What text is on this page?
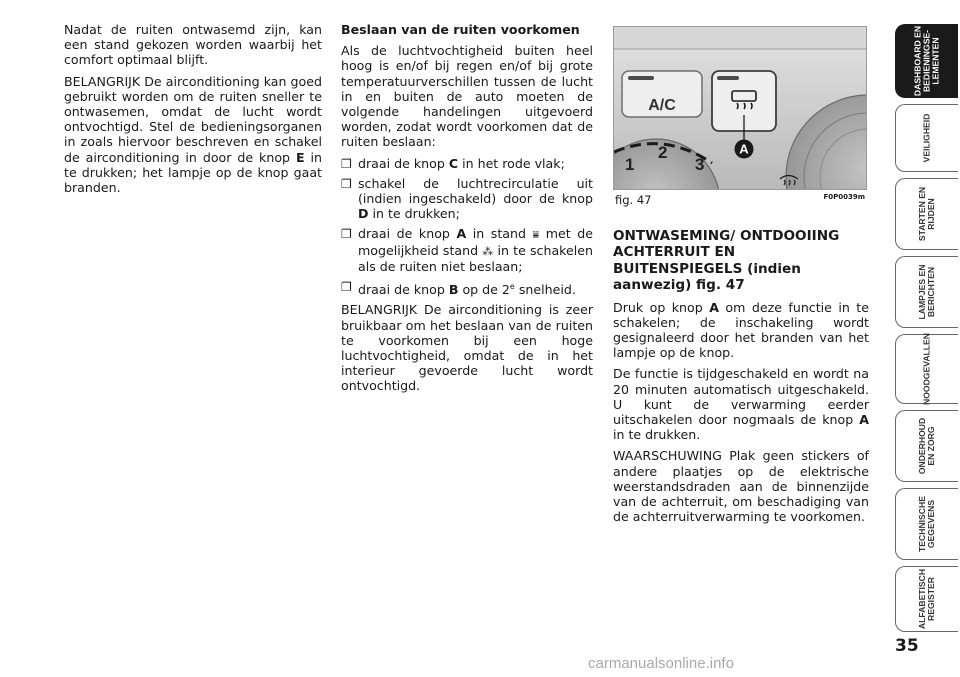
Nadat de ruiten ontwasemd zijn, kan een stand gekozen worden waarbij het comfort optimaal blijft.

BELANGRIJK De airconditioning kan goed gebruikt worden om de ruiten sneller te ontwasemen, omdat de lucht wordt ontvochtigd. Stel de bedieningsorganen in zoals hiervoor beschreven en schakel de airconditioning in door de knop E in te drukken; het lampje op de knop gaat branden.

Beslaan van de ruiten voorkomen

Als de luchtvochtigheid buiten heel hoog is en/of bij regen en/of bij grote temperatuurverschillen tussen de lucht in en buiten de auto moeten de volgende handelingen uitgevoerd worden, zodat wordt voorkomen dat de ruiten beslaan:

❐ draai de knop C in het rode vlak;
❐ schakel de luchtrecirculatie uit (indien ingeschakeld) door de knop D in te drukken;
❐ draai de knop A in stand ⩸ met de mogelijkheid stand ⁂ in te schakelen als de ruiten niet beslaan;
❐ draai de knop B op de 2e snelheid.

BELANGRIJK De airconditioning is zeer bruikbaar om het beslaan van de ruiten te voorkomen bij een hoge luchtvochtigheid, omdat de in het interieur gevoerde lucht wordt ontvochtigd.

A
A/C
1
2
3
fig. 47	F0P0039m
ONTWASEMING/ ONTDOOIING ACHTERRUIT EN BUITENSPIEGELS (indien aanwezig) fig. 47

Druk op knop A om deze functie in te schakelen; de inschakeling wordt gesignaleerd door het branden van het lampje op de knop.

De functie is tijdgeschakeld en wordt na 20 minuten automatisch uitgeschakeld. U kunt de verwarming eerder uitschakelen door nogmaals de knop A in te drukken.

WAARSCHUWING Plak geen stickers of andere plaatjes op de elektrische weerstandsdraden aan de binnenzijde van de achterruit, om beschadiging van de achterruitverwarming te voorkomen.

DASHBOARD EN
BEDIENINGSE-
LEMENTEN
VEILIGHEID
STARTEN EN
RIJDEN
LAMPJES EN
BERICHTEN
NOODGEVALLEN
ONDERHOUD
EN ZORG
TECHNISCHE
GEGEVENS
ALFABETISCH
REGISTER
35
carmanualsonline.info
